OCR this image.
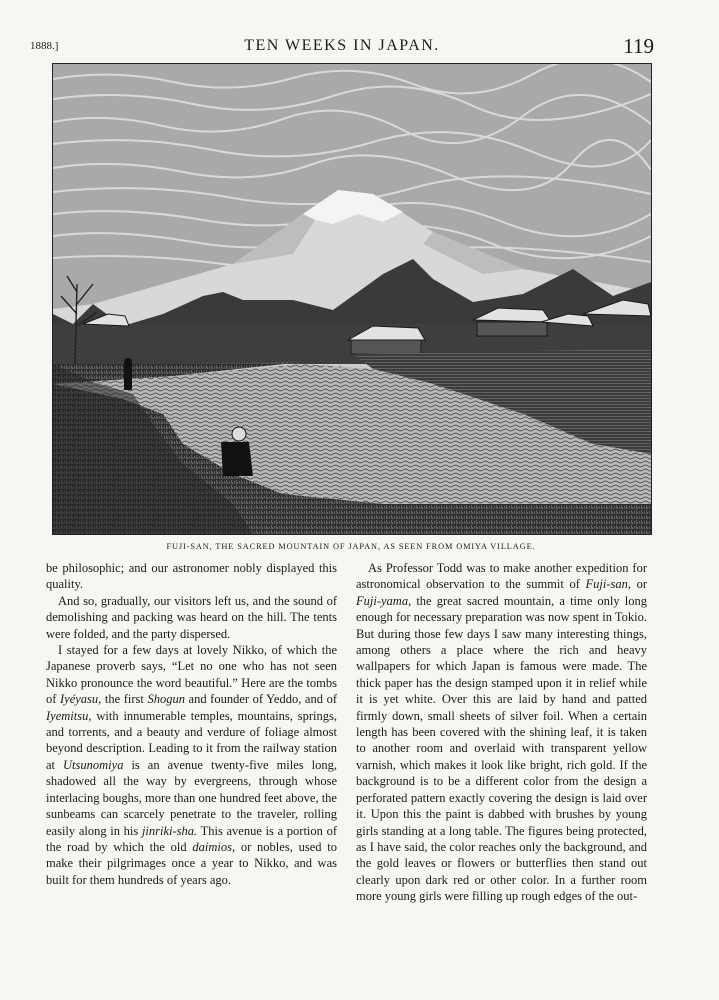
1888.]	TEN WEEKS IN JAPAN.	119
FUJI-SAN, THE SACRED MOUNTAIN OF JAPAN, AS SEEN FROM OMIYA VILLAGE.

be philosophic; and our astronomer nobly displayed this quality.

And so, gradually, our visitors left us, and the sound of demolishing and packing was heard on the hill. The tents were folded, and the party dispersed.

I stayed for a few days at lovely Nikko, of which the Japanese proverb says, “Let no one who has not seen Nikko pronounce the word beautiful.” Here are the tombs of Iyéyasu, the first Shogun and founder of Yeddo, and of Iyemitsu, with innumerable temples, mountains, springs, and torrents, and a beauty and verdure of foliage almost beyond description. Leading to it from the railway station at Utsunomiya is an avenue twenty-five miles long, shadowed all the way by evergreens, through whose interlacing boughs, more than one hundred feet above, the sunbeams can scarcely penetrate to the traveler, rolling easily along in his jinriki-sha. This avenue is a portion of the road by which the old daimios, or nobles, used to make their pilgrimages once a year to Nikko, and was built for them hundreds of years ago.

As Professor Todd was to make another expedition for astronomical observation to the summit of Fuji-san, or Fuji-yama, the great sacred mountain, a time only long enough for necessary preparation was now spent in Tokio. But during those few days I saw many interesting things, among others a place where the rich and heavy wallpapers for which Japan is famous were made. The thick paper has the design stamped upon it in relief while it is yet white. Over this are laid by hand and patted firmly down, small sheets of silver foil. When a certain length has been covered with the shining leaf, it is taken to another room and overlaid with transparent yellow varnish, which makes it look like bright, rich gold. If the background is to be a different color from the design a perforated pattern exactly covering the design is laid over it. Upon this the paint is dabbed with brushes by young girls standing at a long table. The figures being protected, as I have said, the color reaches only the background, and the gold leaves or flowers or butterflies then stand out clearly upon dark red or other color. In a further room more young girls were filling up rough edges of the out-
